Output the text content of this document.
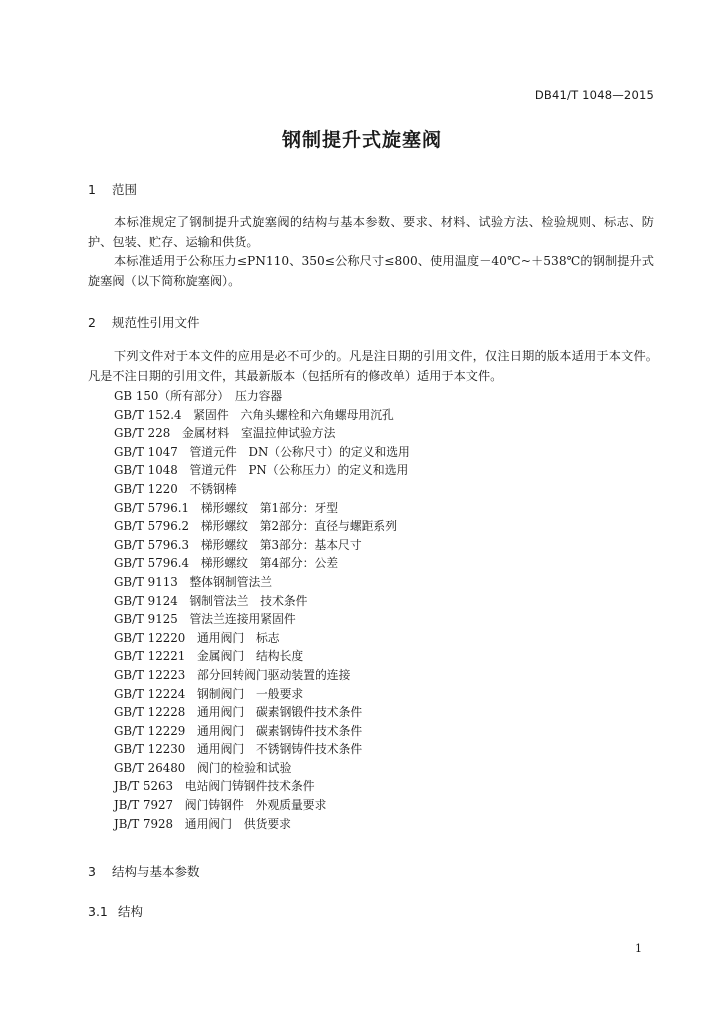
DB41/T 1048—2015
钢制提升式旋塞阀
1 范围
本标准规定了钢制提升式旋塞阀的结构与基本参数、要求、材料、试验方法、检验规则、标志、防护、包装、贮存、运输和供货。
本标准适用于公称压力≤PN110、350≤公称尺寸≤800、使用温度－40℃~＋538℃的钢制提升式旋塞阀（以下简称旋塞阀）。
2 规范性引用文件
下列文件对于本文件的应用是必不可少的。凡是注日期的引用文件，仅注日期的版本适用于本文件。凡是不注日期的引用文件，其最新版本（包括所有的修改单）适用于本文件。
GB 150（所有部分）　压力容器
GB/T 152.4　紧固件　六角头螺栓和六角螺母用沉孔
GB/T 228　金属材料　室温拉伸试验方法
GB/T 1047　管道元件　DN（公称尺寸）的定义和选用
GB/T 1048　管道元件　PN（公称压力）的定义和选用
GB/T 1220　不锈钢棒
GB/T 5796.1　梯形螺纹　第1部分：牙型
GB/T 5796.2　梯形螺纹　第2部分：直径与螺距系列
GB/T 5796.3　梯形螺纹　第3部分：基本尺寸
GB/T 5796.4　梯形螺纹　第4部分：公差
GB/T 9113　整体钢制管法兰
GB/T 9124　钢制管法兰　技术条件
GB/T 9125　管法兰连接用紧固件
GB/T 12220　通用阀门　标志
GB/T 12221　金属阀门　结构长度
GB/T 12223　部分回转阀门驱动装置的连接
GB/T 12224　钢制阀门　一般要求
GB/T 12228　通用阀门　碳素钢锻件技术条件
GB/T 12229　通用阀门　碳素钢铸件技术条件
GB/T 12230　通用阀门　不锈钢铸件技术条件
GB/T 26480　阀门的检验和试验
JB/T 5263　电站阀门铸钢件技术条件
JB/T 7927　阀门铸钢件　外观质量要求
JB/T 7928　通用阀门　供货要求
3 结构与基本参数
3.1 结构
1
